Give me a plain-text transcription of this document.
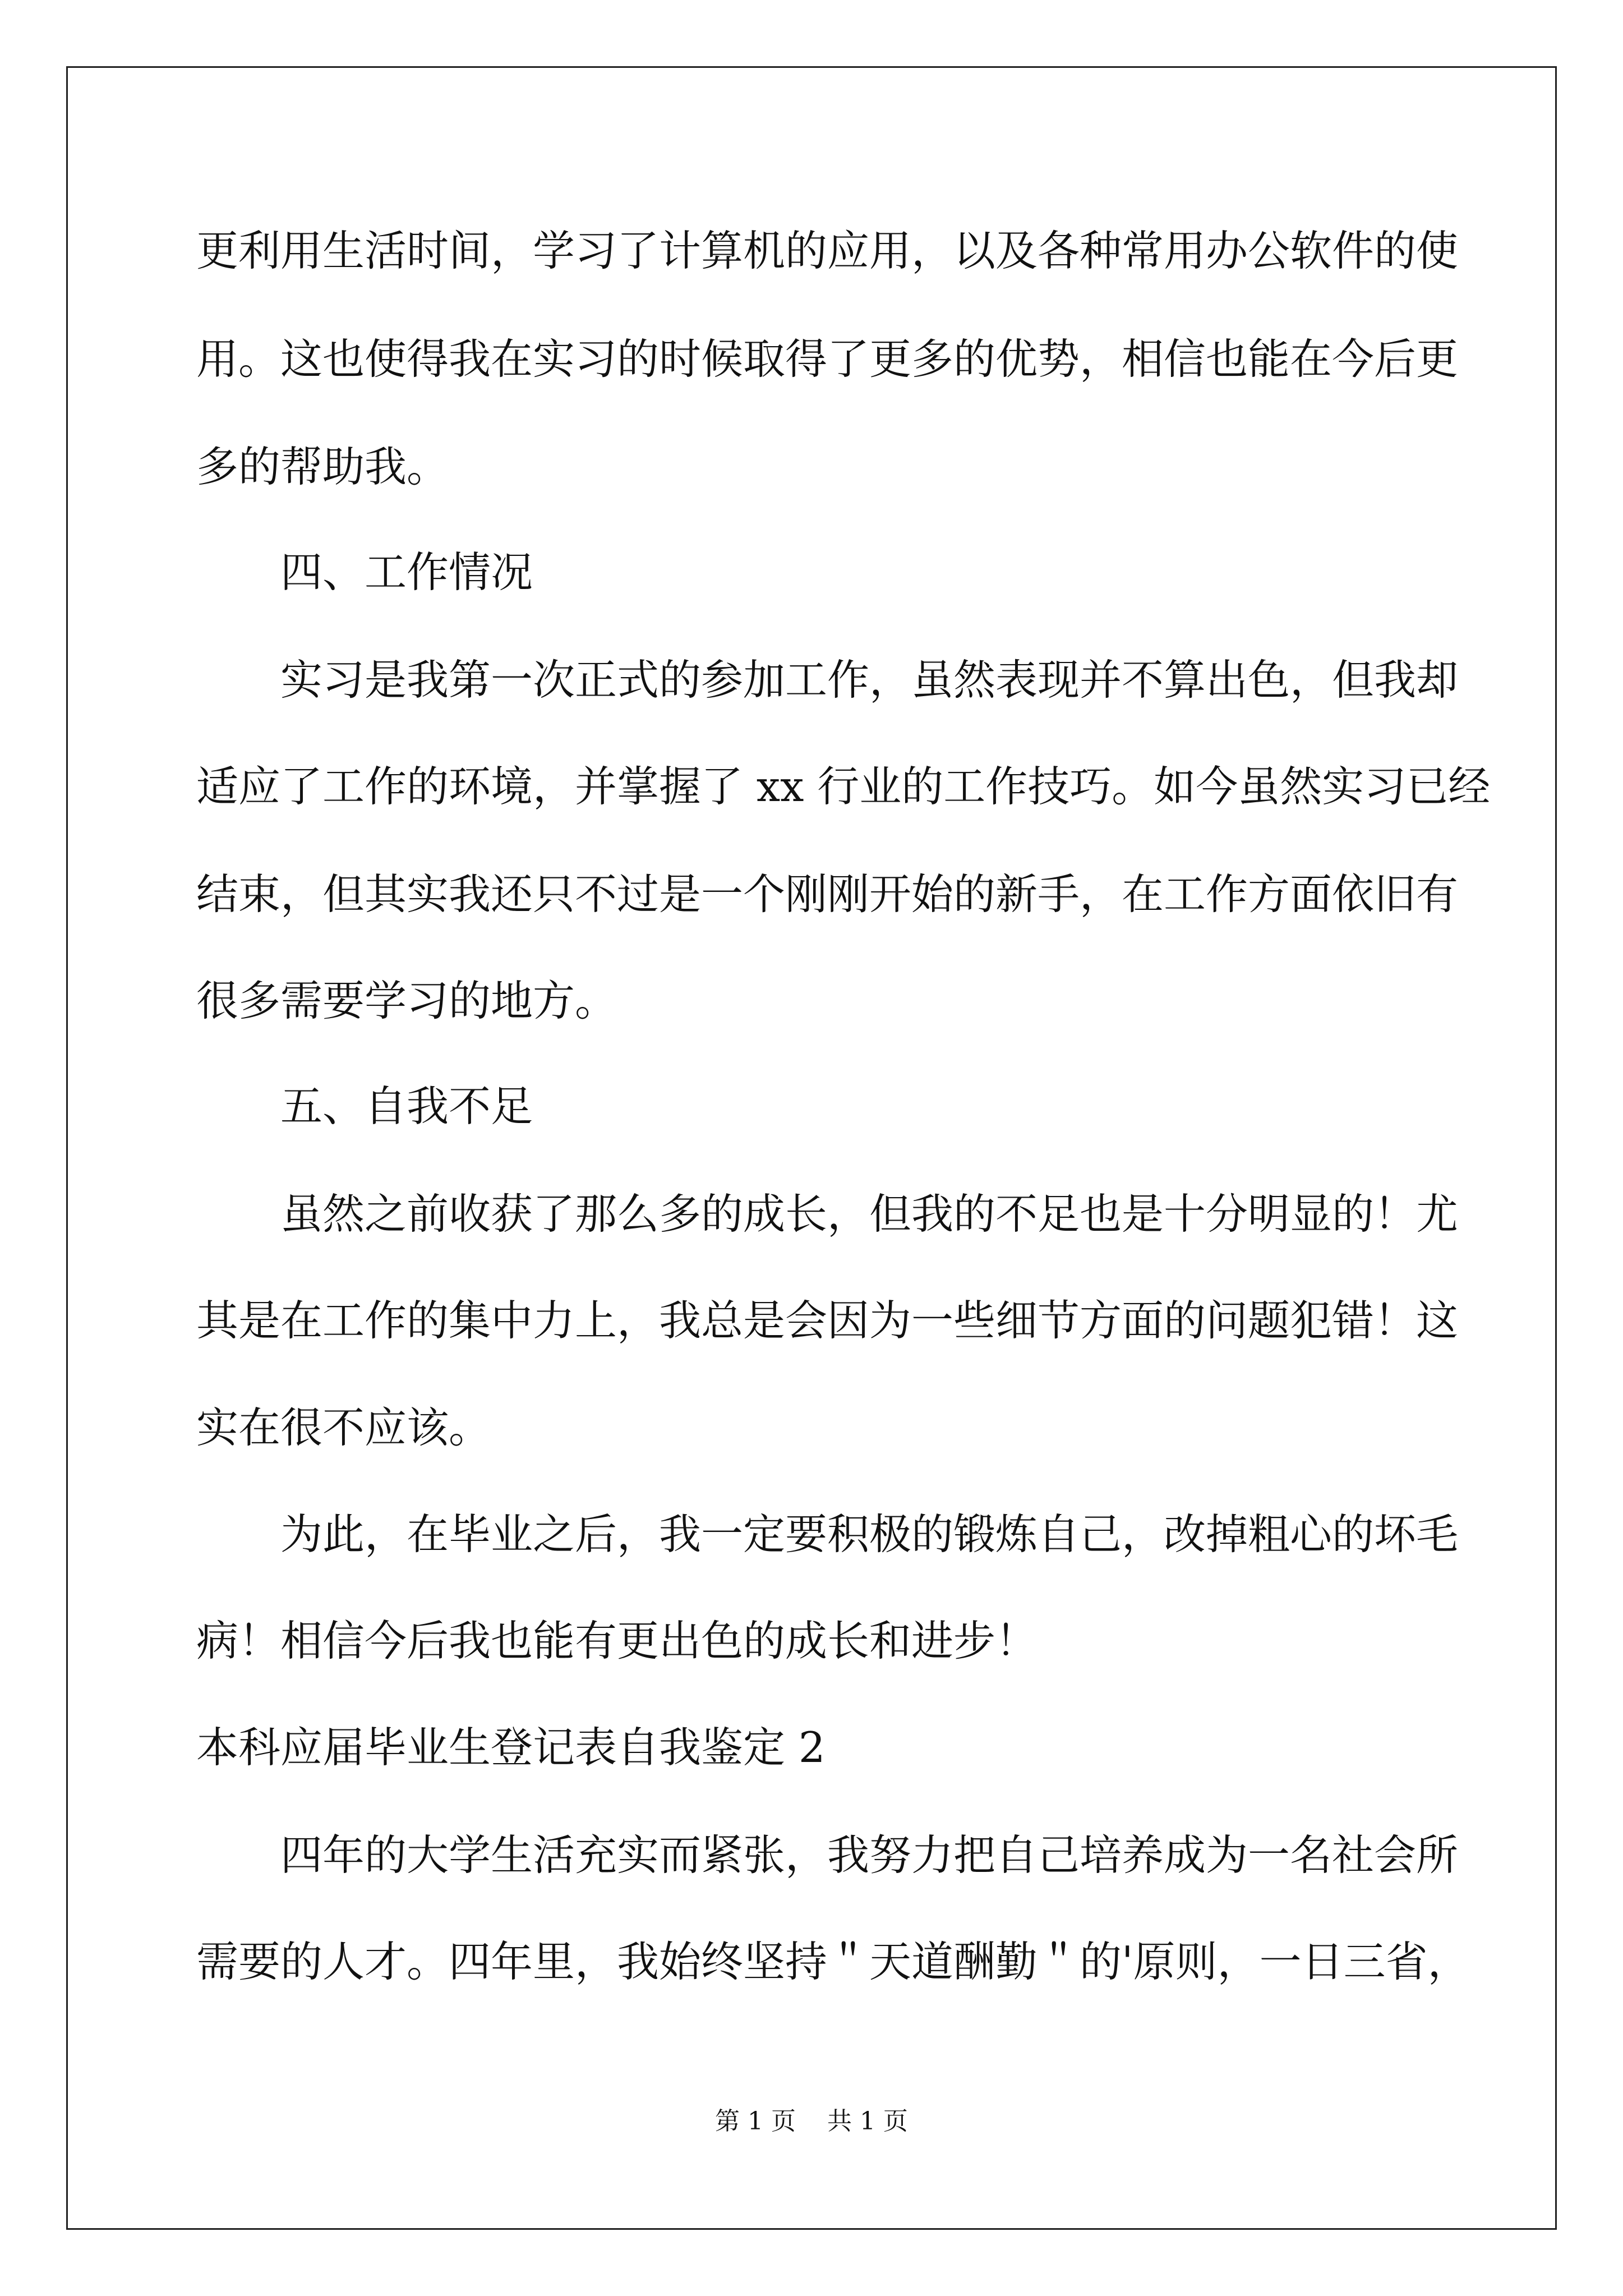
更利用生活时间，学习了计算机的应用，以及各种常用办公软件的使
用。这也使得我在实习的时候取得了更多的优势，相信也能在今后更
多的帮助我。
四、工作情况
实习是我第一次正式的参加工作，虽然表现并不算出色，但我却
适应了工作的环境，并掌握了 xx 行业的工作技巧。如今虽然实习已经
结束，但其实我还只不过是一个刚刚开始的新手，在工作方面依旧有
很多需要学习的地方。
五、自我不足
虽然之前收获了那么多的成长，但我的不足也是十分明显的！尤
其是在工作的集中力上，我总是会因为一些细节方面的问题犯错！这
实在很不应该。
为此，在毕业之后，我一定要积极的锻炼自己，改掉粗心的坏毛
病！相信今后我也能有更出色的成长和进步！
本科应届毕业生登记表自我鉴定 2
四年的大学生活充实而紧张，我努力把自己培养成为一名社会所
需要的人才。四年里，我始终坚持＂天道酬勤＂的'原则，一日三省，
第 1 页    共 1 页
